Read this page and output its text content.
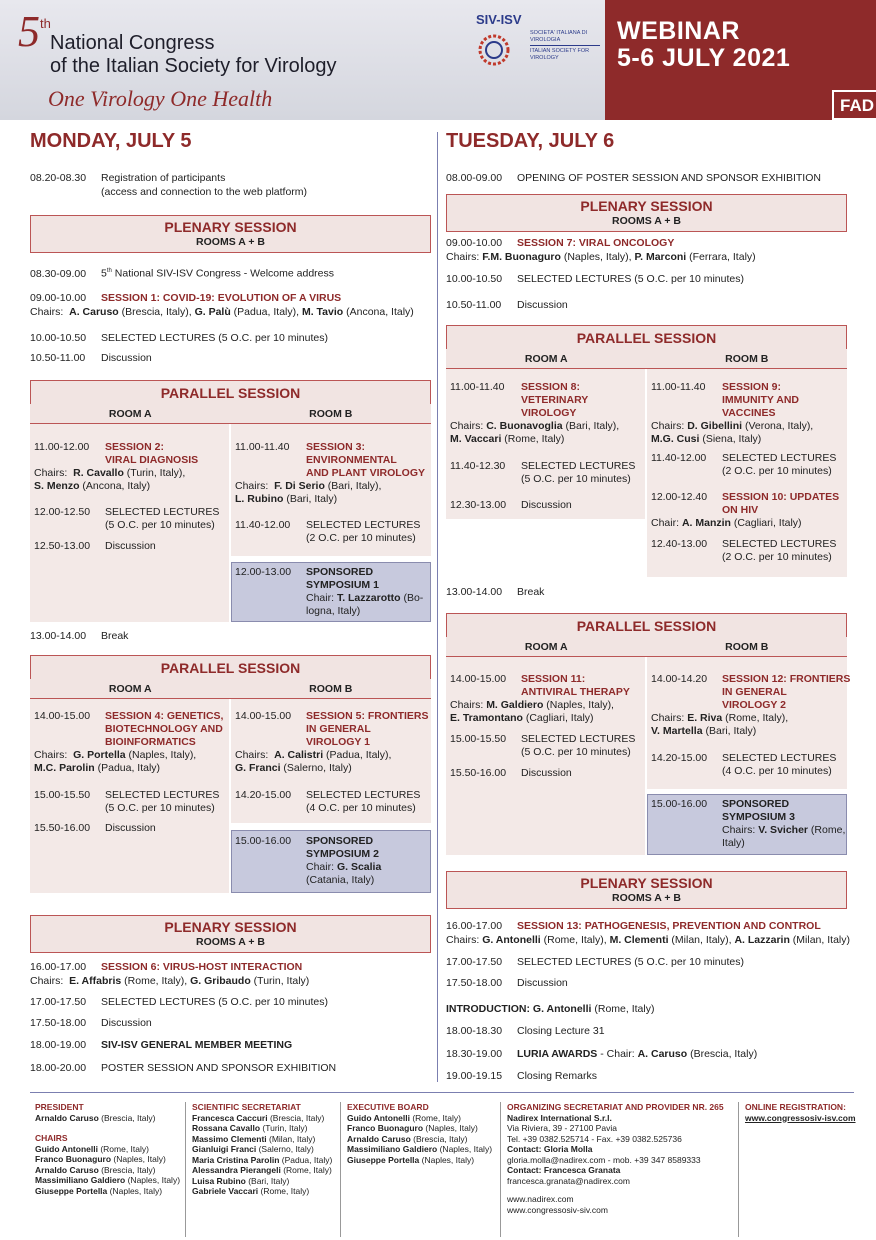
5th
National Congress
of the Italian Society for Virology
One Virology One Health
SIV-ISV
SOCIETA' ITALIANA DI VIROLOGIA
ITALIAN SOCIETY FOR VIROLOGY
WEBINAR
5-6 JULY 2021
FAD
MONDAY, JULY 5
08.20-08.30 Registration of participants
(access and connection to the web platform)
PLENARY SESSION
ROOMS A + B
08.30-09.00 5th National SIV-ISV Congress - Welcome address
09.00-10.00 SESSION 1: COVID-19: EVOLUTION OF A VIRUS
Chairs: A. Caruso (Brescia, Italy), G. Palù (Padua, Italy), M. Tavio (Ancona, Italy)
10.00-10.50 SELECTED LECTURES (5 O.C. per 10 minutes)
10.50-11.00 Discussion
PARALLEL SESSION
ROOM A	ROOM B
11.00-12.00 SESSION 2:
VIRAL DIAGNOSIS
Chairs: R. Cavallo (Turin, Italy),
S. Menzo (Ancona, Italy)
12.00-12.50 SELECTED LECTURES
(5 O.C. per 10 minutes)
12.50-13.00 Discussion
11.00-11.40 SESSION 3:
ENVIRONMENTAL
AND PLANT VIROLOGY
Chairs: F. Di Serio (Bari, Italy),
L. Rubino (Bari, Italy)
11.40-12.00 SELECTED LECTURES
(2 O.C. per 10 minutes)
12.00-13.00 SPONSORED
SYMPOSIUM 1
Chair: T. Lazzarotto (Bo-
logna, Italy)
13.00-14.00 Break
PARALLEL SESSION
ROOM A	ROOM B
14.00-15.00 SESSION 4: GENETICS,
BIOTECHNOLOGY AND
BIOINFORMATICS
Chairs: G. Portella (Naples, Italy),
M.C. Parolin (Padua, Italy)
15.00-15.50 SELECTED LECTURES
(5 O.C. per 10 minutes)
15.50-16.00 Discussion
14.00-15.00 SESSION 5: FRONTIERS
IN GENERAL
VIROLOGY 1
Chairs: A. Calistri (Padua, Italy),
G. Franci (Salerno, Italy)
14.20-15.00 SELECTED LECTURES
(4 O.C. per 10 minutes)
15.00-16.00 SPONSORED
SYMPOSIUM 2
Chair: G. Scalia
(Catania, Italy)
PLENARY SESSION
ROOMS A + B
16.00-17.00 SESSION 6: VIRUS-HOST INTERACTION
Chairs: E. Affabris (Rome, Italy), G. Gribaudo (Turin, Italy)
17.00-17.50 SELECTED LECTURES (5 O.C. per 10 minutes)
17.50-18.00 Discussion
18.00-19.00 SIV-ISV GENERAL MEMBER MEETING
18.00-20.00 POSTER SESSION AND SPONSOR EXHIBITION
TUESDAY, JULY 6
08.00-09.00 OPENING OF POSTER SESSION AND SPONSOR EXHIBITION
PLENARY SESSION
ROOMS A + B
09.00-10.00 SESSION 7: VIRAL ONCOLOGY
Chairs: F.M. Buonaguro (Naples, Italy), P. Marconi (Ferrara, Italy)
10.00-10.50 SELECTED LECTURES (5 O.C. per 10 minutes)
10.50-11.00 Discussion
PARALLEL SESSION
ROOM A	ROOM B
11.00-11.40 SESSION 8:
VETERINARY
VIROLOGY
Chairs: C. Buonavoglia (Bari, Italy),
M. Vaccari (Rome, Italy)
11.40-12.30 SELECTED LECTURES
(5 O.C. per 10 minutes)
12.30-13.00 Discussion
11.00-11.40 SESSION 9:
IMMUNITY AND
VACCINES
Chairs: D. Gibellini (Verona, Italy),
M.G. Cusi (Siena, Italy)
11.40-12.00 SELECTED LECTURES
(2 O.C. per 10 minutes)
12.00-12.40 SESSION 10: UPDATES
ON HIV
Chair: A. Manzin (Cagliari, Italy)
12.40-13.00 SELECTED LECTURES
(2 O.C. per 10 minutes)
13.00-14.00 Break
PARALLEL SESSION
ROOM A	ROOM B
14.00-15.00 SESSION 11:
ANTIVIRAL THERAPY
Chairs: M. Galdiero (Naples, Italy),
E. Tramontano (Cagliari, Italy)
15.00-15.50 SELECTED LECTURES
(5 O.C. per 10 minutes)
15.50-16.00 Discussion
14.00-14.20 SESSION 12: FRONTIERS
IN GENERAL
VIROLOGY 2
Chairs: E. Riva (Rome, Italy),
V. Martella (Bari, Italy)
14.20-15.00 SELECTED LECTURES
(4 O.C. per 10 minutes)
15.00-16.00 SPONSORED
SYMPOSIUM 3
Chairs: V. Svicher (Rome,
Italy)
PLENARY SESSION
ROOMS A + B
16.00-17.00 SESSION 13: PATHOGENESIS, PREVENTION AND CONTROL
Chairs: G. Antonelli (Rome, Italy), M. Clementi (Milan, Italy), A. Lazzarin (Milan, Italy)
17.00-17.50 SELECTED LECTURES (5 O.C. per 10 minutes)
17.50-18.00 Discussion
INTRODUCTION: G. Antonelli (Rome, Italy)
18.00-18.30 Closing Lecture 31
18.30-19.00 LURIA AWARDS - Chair: A. Caruso (Brescia, Italy)
19.00-19.15 Closing Remarks
PRESIDENT
Arnaldo Caruso (Brescia, Italy)
CHAIRS
Guido Antonelli (Rome, Italy)
Franco Buonaguro (Naples, Italy)
Arnaldo Caruso (Brescia, Italy)
Massimiliano Galdiero (Naples, Italy)
Giuseppe Portella (Naples, Italy)
SCIENTIFIC SECRETARIAT
Francesca Caccuri (Brescia, Italy)
Rossana Cavallo (Turin, Italy)
Massimo Clementi (Milan, Italy)
Gianluigi Franci (Salerno, Italy)
Maria Cristina Parolin (Padua, Italy)
Alessandra Pierangeli (Rome, Italy)
Luisa Rubino (Bari, Italy)
Gabriele Vaccari (Rome, Italy)
EXECUTIVE BOARD
Guido Antonelli (Rome, Italy)
Franco Buonaguro (Naples, Italy)
Arnaldo Caruso (Brescia, Italy)
Massimiliano Galdiero (Naples, Italy)
Giuseppe Portella (Naples, Italy)
ORGANIZING SECRETARIAT AND PROVIDER NR. 265
Nadirex International S.r.l.
Via Riviera, 39 - 27100 Pavia
Tel. +39 0382.525714 - Fax. +39 0382.525736
Contact: Gloria Molla
gloria.molla@nadirex.com - mob. +39 347 8589333
Contact: Francesca Granata
francesca.granata@nadirex.com
www.nadirex.com
www.congressosiv-siv.com
ONLINE REGISTRATION:
www.congressosiv-isv.com
